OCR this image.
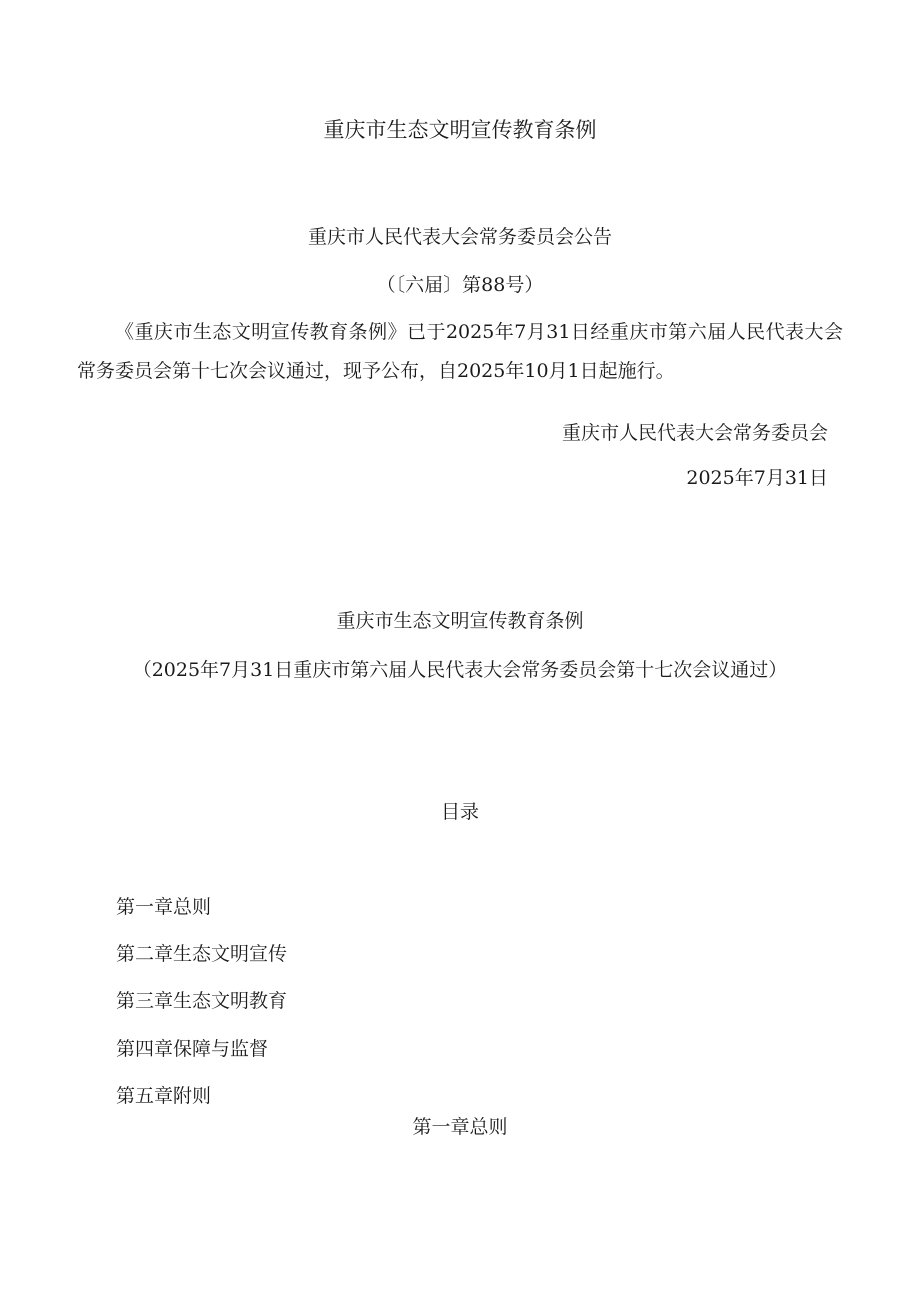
重庆市生态文明宣传教育条例
重庆市人民代表大会常务委员会公告
（〔六届〕第88号）
《重庆市生态文明宣传教育条例》已于2025年7月31日经重庆市第六届人民代表大会常务委员会第十七次会议通过，现予公布，自2025年10月1日起施行。
重庆市人民代表大会常务委员会
2025年7月31日
重庆市生态文明宣传教育条例
（2025年7月31日重庆市第六届人民代表大会常务委员会第十七次会议通过）
目录
第一章总则
第二章生态文明宣传
第三章生态文明教育
第四章保障与监督
第五章附则
第一章总则
